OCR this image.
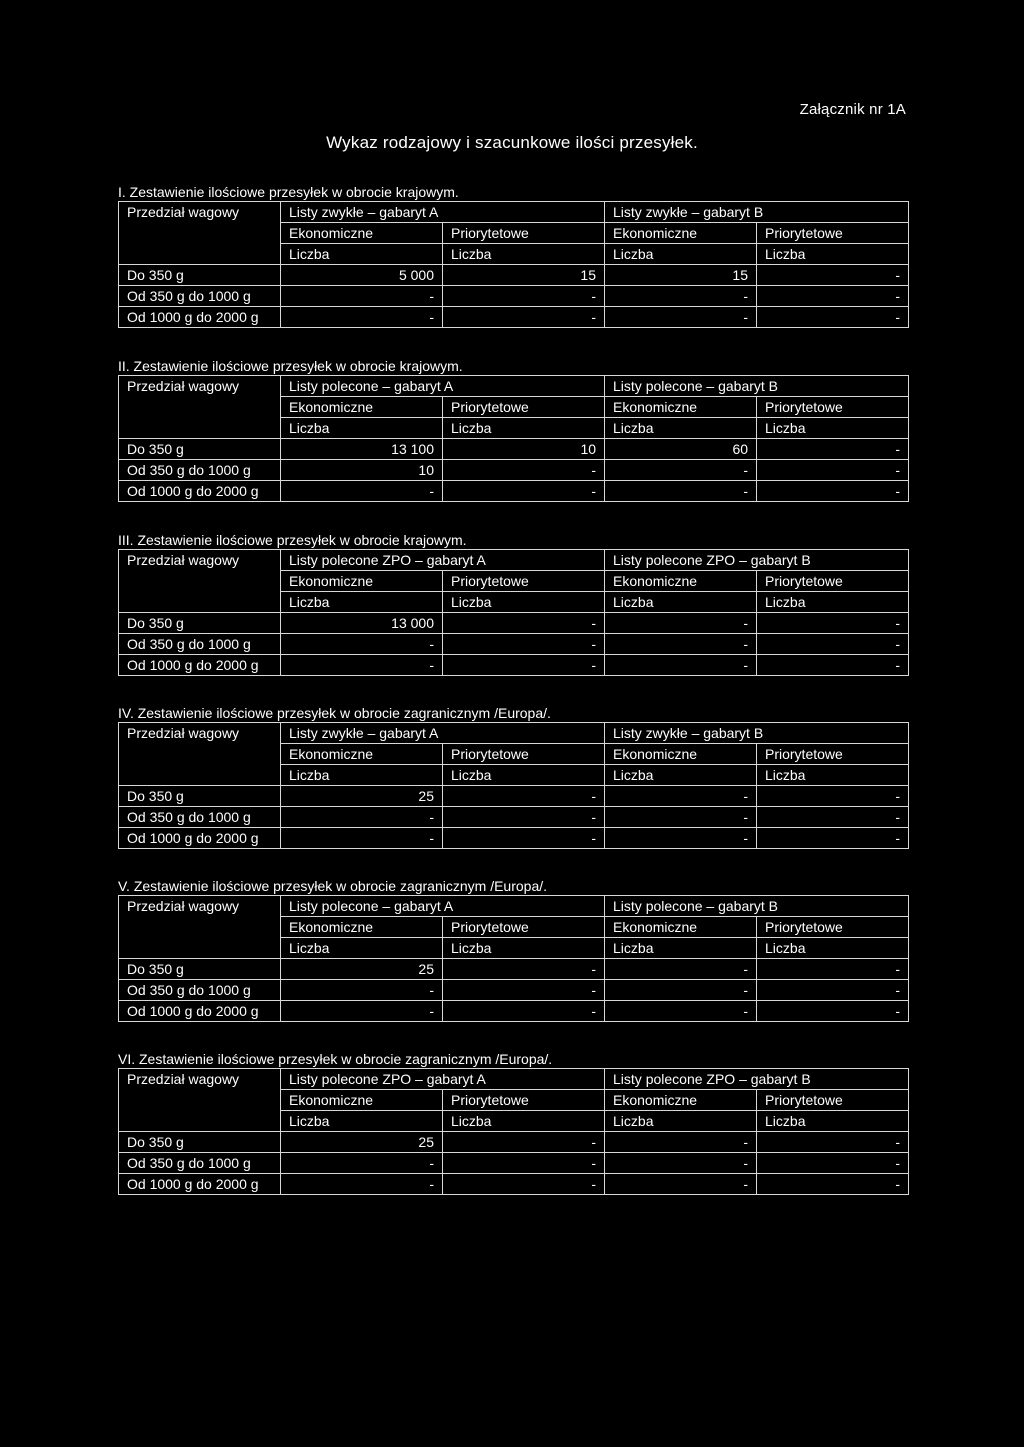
Załącznik nr 1A
Wykaz rodzajowy i szacunkowe ilości przesyłek.
I. Zestawienie ilościowe przesyłek w obrocie krajowym.
Przedział wagowy	Listy zwykłe – gabaryt A		Listy zwykłe – gabaryt B	
	Ekonomiczne	Priorytetowe	Ekonomiczne	Priorytetowe
	Liczba	Liczba	Liczba	Liczba
Do 350 g	5 000	15	15	-
Od 350 g do 1000 g	-	-	-	-
Od 1000 g do 2000 g	-	-	-	-
II. Zestawienie ilościowe przesyłek w obrocie krajowym.
Przedział wagowy	Listy polecone – gabaryt A		Listy polecone – gabaryt B	
	Ekonomiczne	Priorytetowe	Ekonomiczne	Priorytetowe
	Liczba	Liczba	Liczba	Liczba
Do 350 g	13 100	10	60	-
Od 350 g do 1000 g	10	-	-	-
Od 1000 g do 2000 g	-	-	-	-
III. Zestawienie ilościowe przesyłek w obrocie krajowym.
Przedział wagowy	Listy polecone ZPO – gabaryt A		Listy polecone ZPO – gabaryt B	
	Ekonomiczne	Priorytetowe	Ekonomiczne	Priorytetowe
	Liczba	Liczba	Liczba	Liczba
Do 350 g	13 000	-	-	-
Od 350 g do 1000 g	-	-	-	-
Od 1000 g do 2000 g	-	-	-	-
IV. Zestawienie ilościowe przesyłek w obrocie zagranicznym /Europa/.
Przedział wagowy	Listy zwykłe – gabaryt A		Listy zwykłe – gabaryt B	
	Ekonomiczne	Priorytetowe	Ekonomiczne	Priorytetowe
	Liczba	Liczba	Liczba	Liczba
Do 350 g	25	-	-	-
Od 350 g do 1000 g	-	-	-	-
Od 1000 g do 2000 g	-	-	-	-
V. Zestawienie ilościowe przesyłek w obrocie zagranicznym /Europa/.
Przedział wagowy	Listy polecone – gabaryt A		Listy polecone – gabaryt B	
	Ekonomiczne	Priorytetowe	Ekonomiczne	Priorytetowe
	Liczba	Liczba	Liczba	Liczba
Do 350 g	25	-	-	-
Od 350 g do 1000 g	-	-	-	-
Od 1000 g do 2000 g	-	-	-	-
VI. Zestawienie ilościowe przesyłek w obrocie zagranicznym /Europa/.
Przedział wagowy	Listy polecone ZPO – gabaryt A		Listy polecone ZPO – gabaryt B	
	Ekonomiczne	Priorytetowe	Ekonomiczne	Priorytetowe
	Liczba	Liczba	Liczba	Liczba
Do 350 g	25	-	-	-
Od 350 g do 1000 g	-	-	-	-
Od 1000 g do 2000 g	-	-	-	-
